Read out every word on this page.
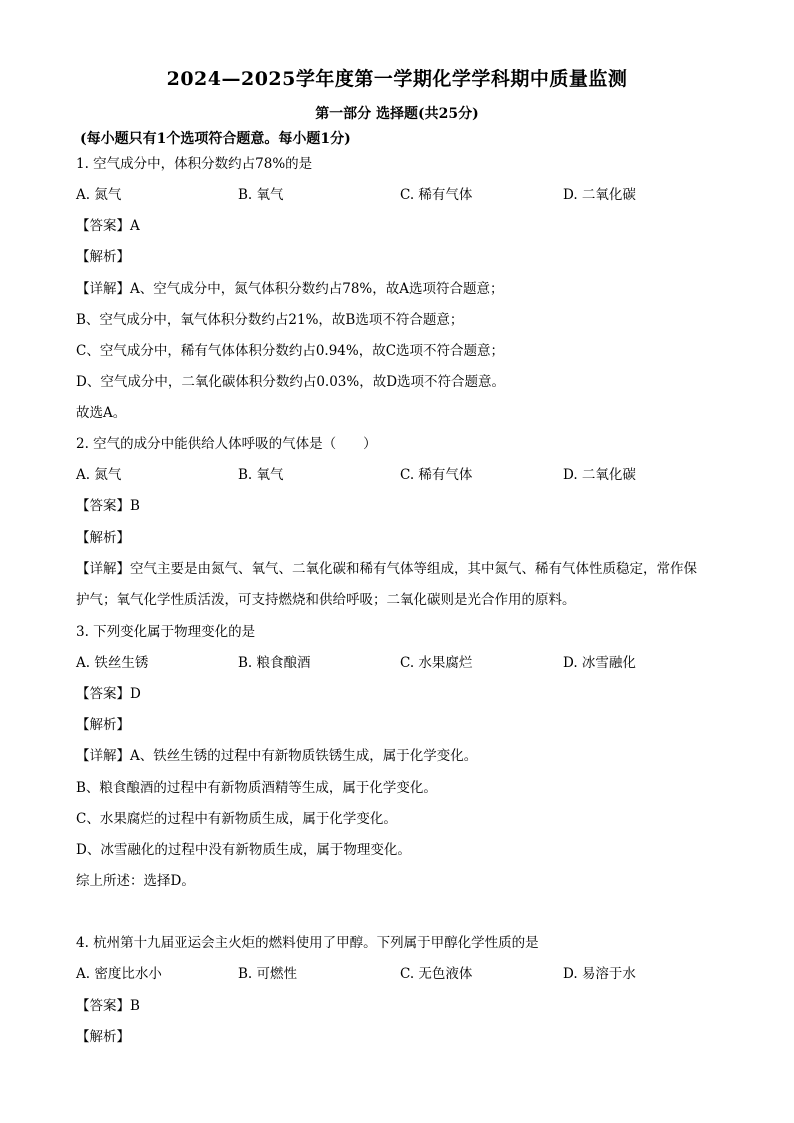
2024—2025学年度第一学期化学学科期中质量监测
第一部分 选择题(共25分)
(每小题只有1个选项符合题意。每小题1分)
1. 空气成分中，体积分数约占78%的是
A. 氮气	B. 氧气	C. 稀有气体	D. 二氧化碳
【答案】A
【解析】
【详解】A、空气成分中，氮气体积分数约占78%，故A选项符合题意；
B、空气成分中，氧气体积分数约占21%，故B选项不符合题意；
C、空气成分中，稀有气体体积分数约占0.94%，故C选项不符合题意；
D、空气成分中，二氧化碳体积分数约占0.03%，故D选项不符合题意。
故选A。
2. 空气的成分中能供给人体呼吸的气体是（　　）
A. 氮气	B. 氧气	C. 稀有气体	D. 二氧化碳
【答案】B
【解析】
【详解】空气主要是由氮气、氧气、二氧化碳和稀有气体等组成，其中氮气、稀有气体性质稳定，常作保
护气；氧气化学性质活泼，可支持燃烧和供给呼吸；二氧化碳则是光合作用的原料。
3. 下列变化属于物理变化的是
A. 铁丝生锈	B. 粮食酿酒	C. 水果腐烂	D. 冰雪融化
【答案】D
【解析】
【详解】A、铁丝生锈的过程中有新物质铁锈生成，属于化学变化。
B、粮食酿酒的过程中有新物质酒精等生成，属于化学变化。
C、水果腐烂的过程中有新物质生成，属于化学变化。
D、冰雪融化的过程中没有新物质生成，属于物理变化。
综上所述：选择D。
4. 杭州第十九届亚运会主火炬的燃料使用了甲醇。下列属于甲醇化学性质的是
A. 密度比水小	B. 可燃性	C. 无色液体	D. 易溶于水
【答案】B
【解析】
